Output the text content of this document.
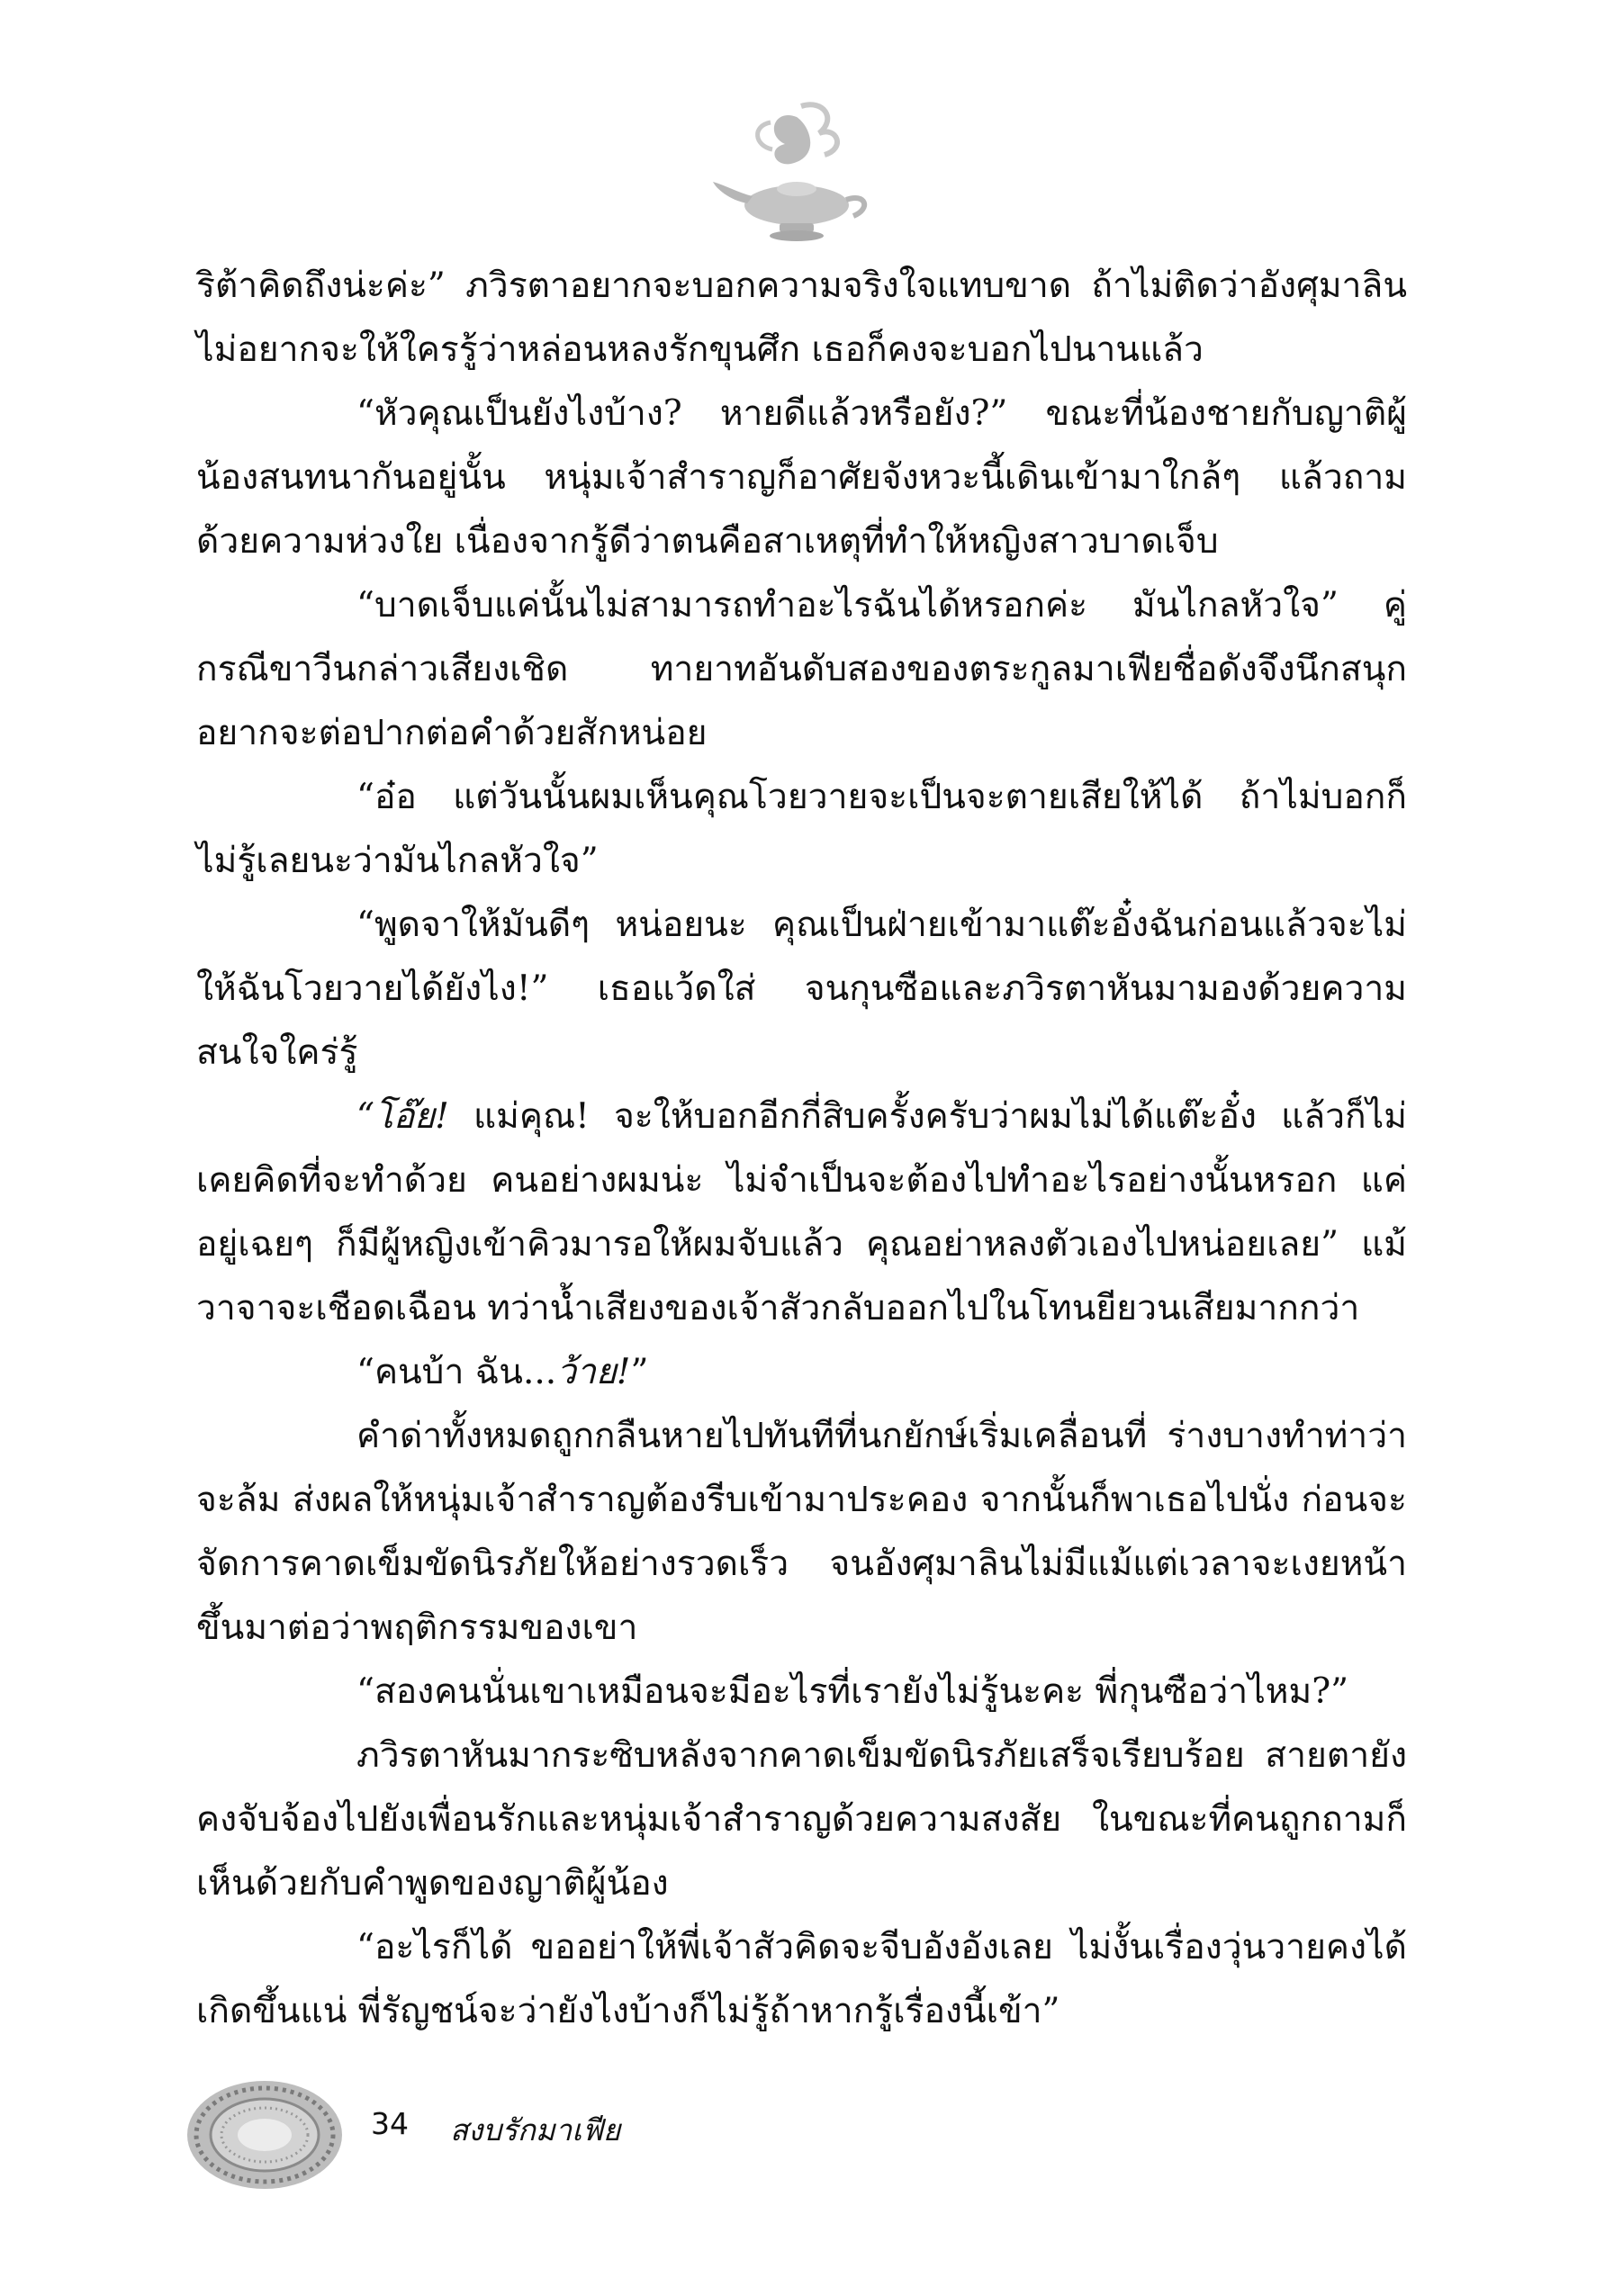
ริต้าคิดถึงน่ะค่ะ” ภวิรตาอยากจะบอกความจริงใจแทบขาด ถ้าไม่ติดว่าอังศุมาลินไม่อยากจะให้ใครรู้ว่าหล่อนหลงรักขุนศึก เธอก็คงจะบอกไปนานแล้ว

“หัวคุณเป็นยังไงบ้าง? หายดีแล้วหรือยัง?” ขณะที่น้องชายกับญาติผู้น้องสนทนากันอยู่นั้น หนุ่มเจ้าสำราญก็อาศัยจังหวะนี้เดินเข้ามาใกล้ๆ แล้วถามด้วยความห่วงใย เนื่องจากรู้ดีว่าตนคือสาเหตุที่ทำให้หญิงสาวบาดเจ็บ

“บาดเจ็บแค่นั้นไม่สามารถทำอะไรฉันได้หรอกค่ะ มันไกลหัวใจ” คู่กรณีขาวีนกล่าวเสียงเชิด ทายาทอันดับสองของตระกูลมาเฟียชื่อดังจึงนึกสนุก อยากจะต่อปากต่อคำด้วยสักหน่อย

“อ๋อ แต่วันนั้นผมเห็นคุณโวยวายจะเป็นจะตายเสียให้ได้ ถ้าไม่บอกก็ไม่รู้เลยนะว่ามันไกลหัวใจ”

“พูดจาให้มันดีๆ หน่อยนะ คุณเป็นฝ่ายเข้ามาแต๊ะอั๋งฉันก่อนแล้วจะไม่ให้ฉันโวยวายได้ยังไง!” เธอแว้ดใส่ จนกุนซือและภวิรตาหันมามองด้วยความสนใจใคร่รู้

“โอ๊ย! แม่คุณ! จะให้บอกอีกกี่สิบครั้งครับว่าผมไม่ได้แต๊ะอั๋ง แล้วก็ไม่เคยคิดที่จะทำด้วย คนอย่างผมน่ะ ไม่จำเป็นจะต้องไปทำอะไรอย่างนั้นหรอก แค่อยู่เฉยๆ ก็มีผู้หญิงเข้าคิวมารอให้ผมจับแล้ว คุณอย่าหลงตัวเองไปหน่อยเลย” แม้วาจาจะเชือดเฉือน ทว่าน้ำเสียงของเจ้าสัวกลับออกไปในโทนยียวนเสียมากกว่า

“คนบ้า ฉัน...ว้าย!”

คำด่าทั้งหมดถูกกลืนหายไปทันทีที่นกยักษ์เริ่มเคลื่อนที่ ร่างบางทำท่าว่าจะล้ม ส่งผลให้หนุ่มเจ้าสำราญต้องรีบเข้ามาประคอง จากนั้นก็พาเธอไปนั่ง ก่อนจะจัดการคาดเข็มขัดนิรภัยให้อย่างรวดเร็ว จนอังศุมาลินไม่มีแม้แต่เวลาจะเงยหน้าขึ้นมาต่อว่าพฤติกรรมของเขา

“สองคนนั่นเขาเหมือนจะมีอะไรที่เรายังไม่รู้นะคะ พี่กุนซือว่าไหม?”

ภวิรตาหันมากระซิบหลังจากคาดเข็มขัดนิรภัยเสร็จเรียบร้อย สายตายังคงจับจ้องไปยังเพื่อนรักและหนุ่มเจ้าสำราญด้วยความสงสัย ในขณะที่คนถูกถามก็เห็นด้วยกับคำพูดของญาติผู้น้อง

“อะไรก็ได้ ขออย่าให้พี่เจ้าสัวคิดจะจีบอังอังเลย ไม่งั้นเรื่องวุ่นวายคงได้เกิดขึ้นแน่ พี่รัญชน์จะว่ายังไงบ้างก็ไม่รู้ถ้าหากรู้เรื่องนี้เข้า”

34 สงบรักมาเฟีย
